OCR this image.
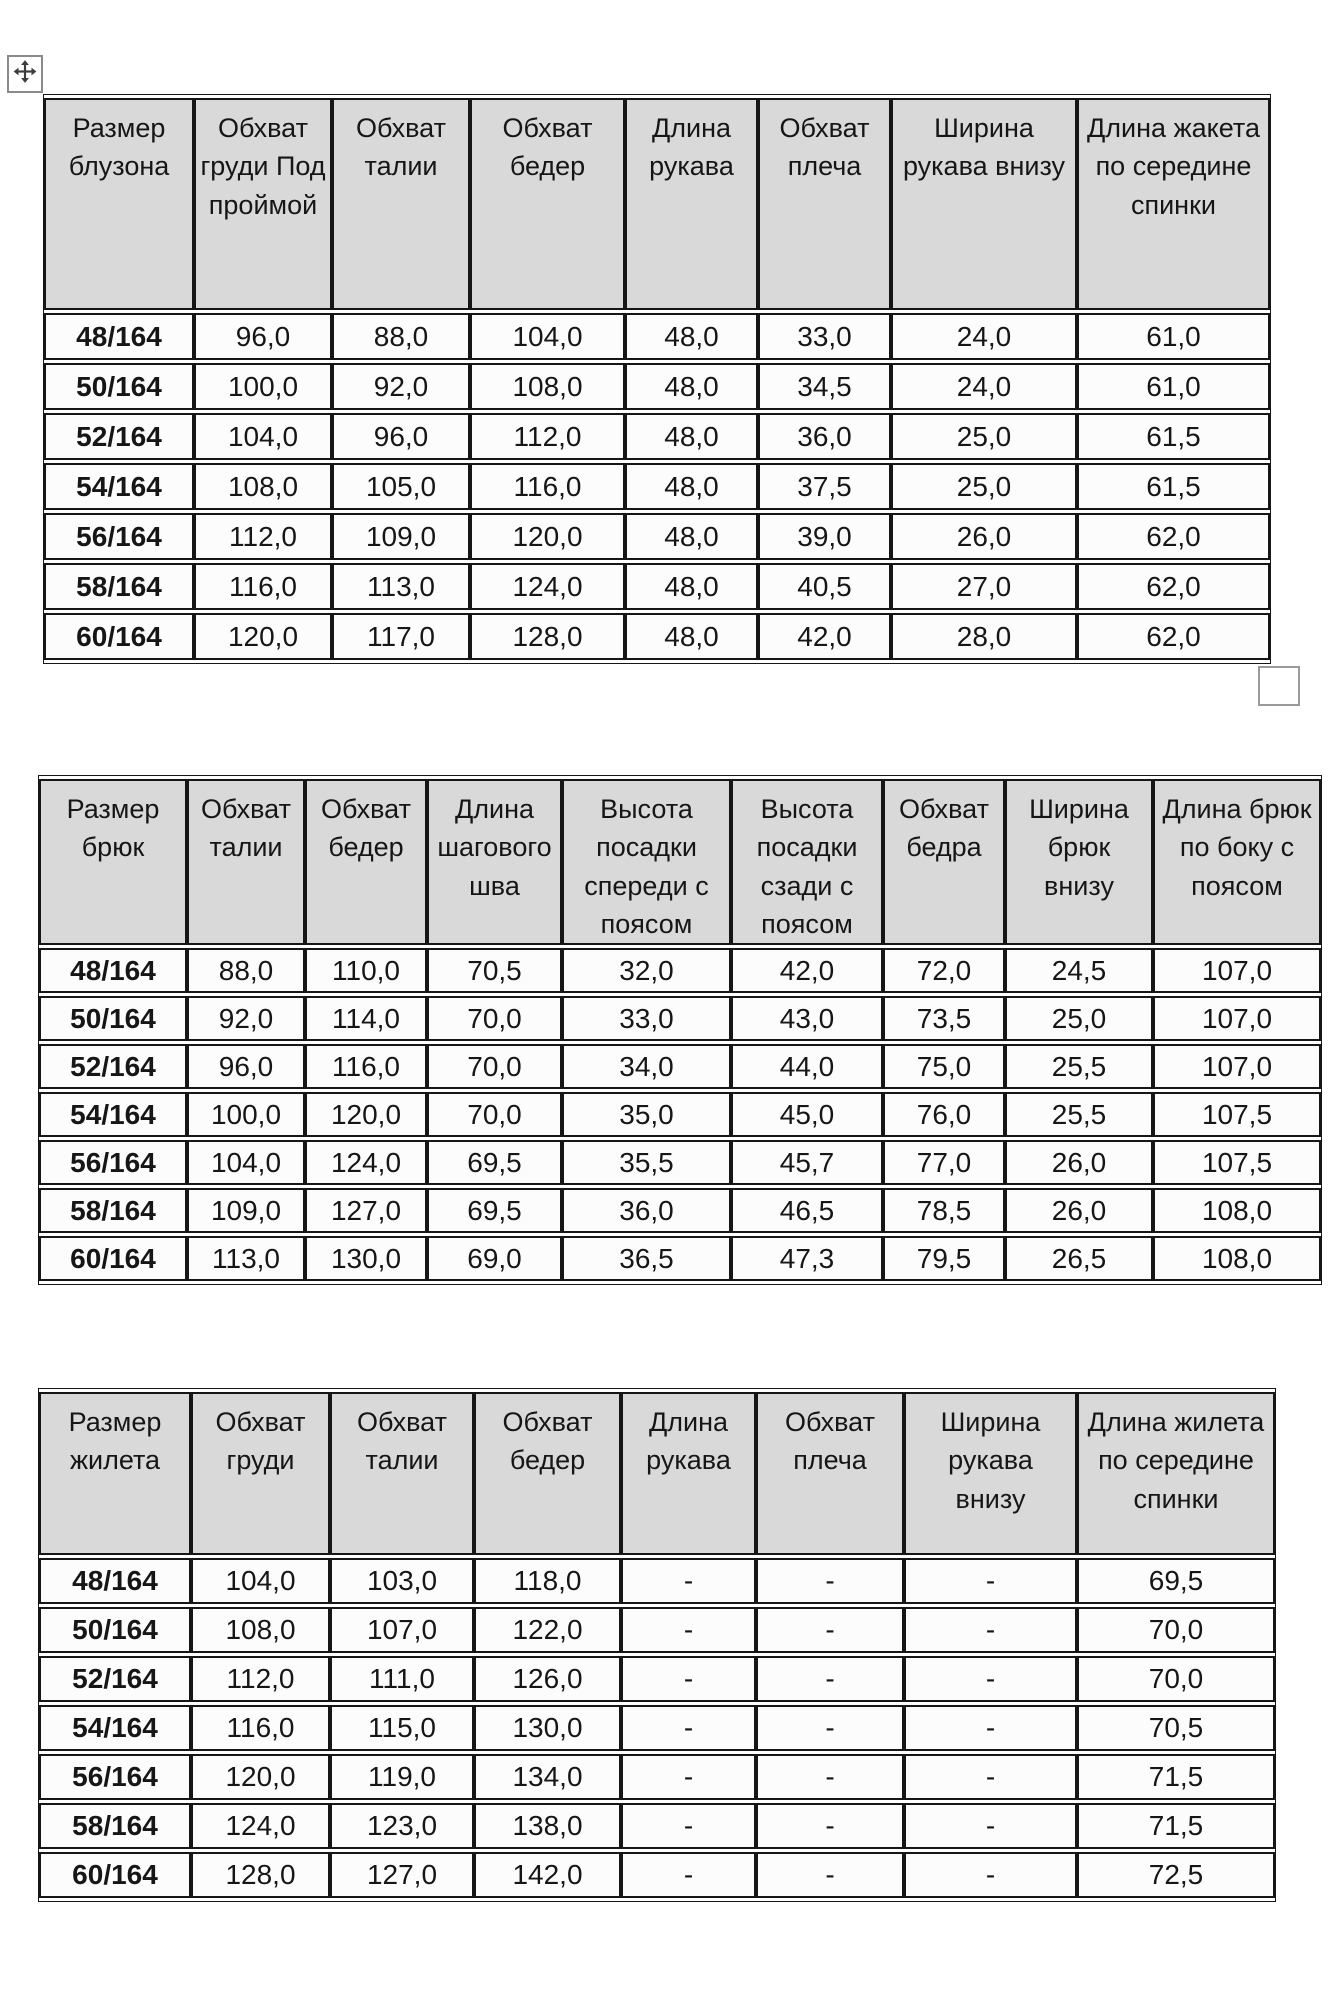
Размер блузона	Обхват груди Под проймой	Обхват талии	Обхват бедер	Длина рукава	Обхват плеча	Ширина рукава внизу	Длина жакета по середине спинки
48/164	96,0	88,0	104,0	48,0	33,0	24,0	61,0
50/164	100,0	92,0	108,0	48,0	34,5	24,0	61,0
52/164	104,0	96,0	112,0	48,0	36,0	25,0	61,5
54/164	108,0	105,0	116,0	48,0	37,5	25,0	61,5
56/164	112,0	109,0	120,0	48,0	39,0	26,0	62,0
58/164	116,0	113,0	124,0	48,0	40,5	27,0	62,0
60/164	120,0	117,0	128,0	48,0	42,0	28,0	62,0
Размер брюк	Обхват талии	Обхват бедер	Длина шагового шва	Высота посадки спереди с поясом	Высота посадки сзади с поясом	Обхват бедра	Ширина брюк внизу	Длина брюк по боку с поясом
48/164	88,0	110,0	70,5	32,0	42,0	72,0	24,5	107,0
50/164	92,0	114,0	70,0	33,0	43,0	73,5	25,0	107,0
52/164	96,0	116,0	70,0	34,0	44,0	75,0	25,5	107,0
54/164	100,0	120,0	70,0	35,0	45,0	76,0	25,5	107,5
56/164	104,0	124,0	69,5	35,5	45,7	77,0	26,0	107,5
58/164	109,0	127,0	69,5	36,0	46,5	78,5	26,0	108,0
60/164	113,0	130,0	69,0	36,5	47,3	79,5	26,5	108,0
Размер жилета	Обхват груди	Обхват талии	Обхват бедер	Длина рукава	Обхват плеча	Ширина рукава внизу	Длина жилета по середине спинки
48/164	104,0	103,0	118,0	-	-	-	69,5
50/164	108,0	107,0	122,0	-	-	-	70,0
52/164	112,0	111,0	126,0	-	-	-	70,0
54/164	116,0	115,0	130,0	-	-	-	70,5
56/164	120,0	119,0	134,0	-	-	-	71,5
58/164	124,0	123,0	138,0	-	-	-	71,5
60/164	128,0	127,0	142,0	-	-	-	72,5
